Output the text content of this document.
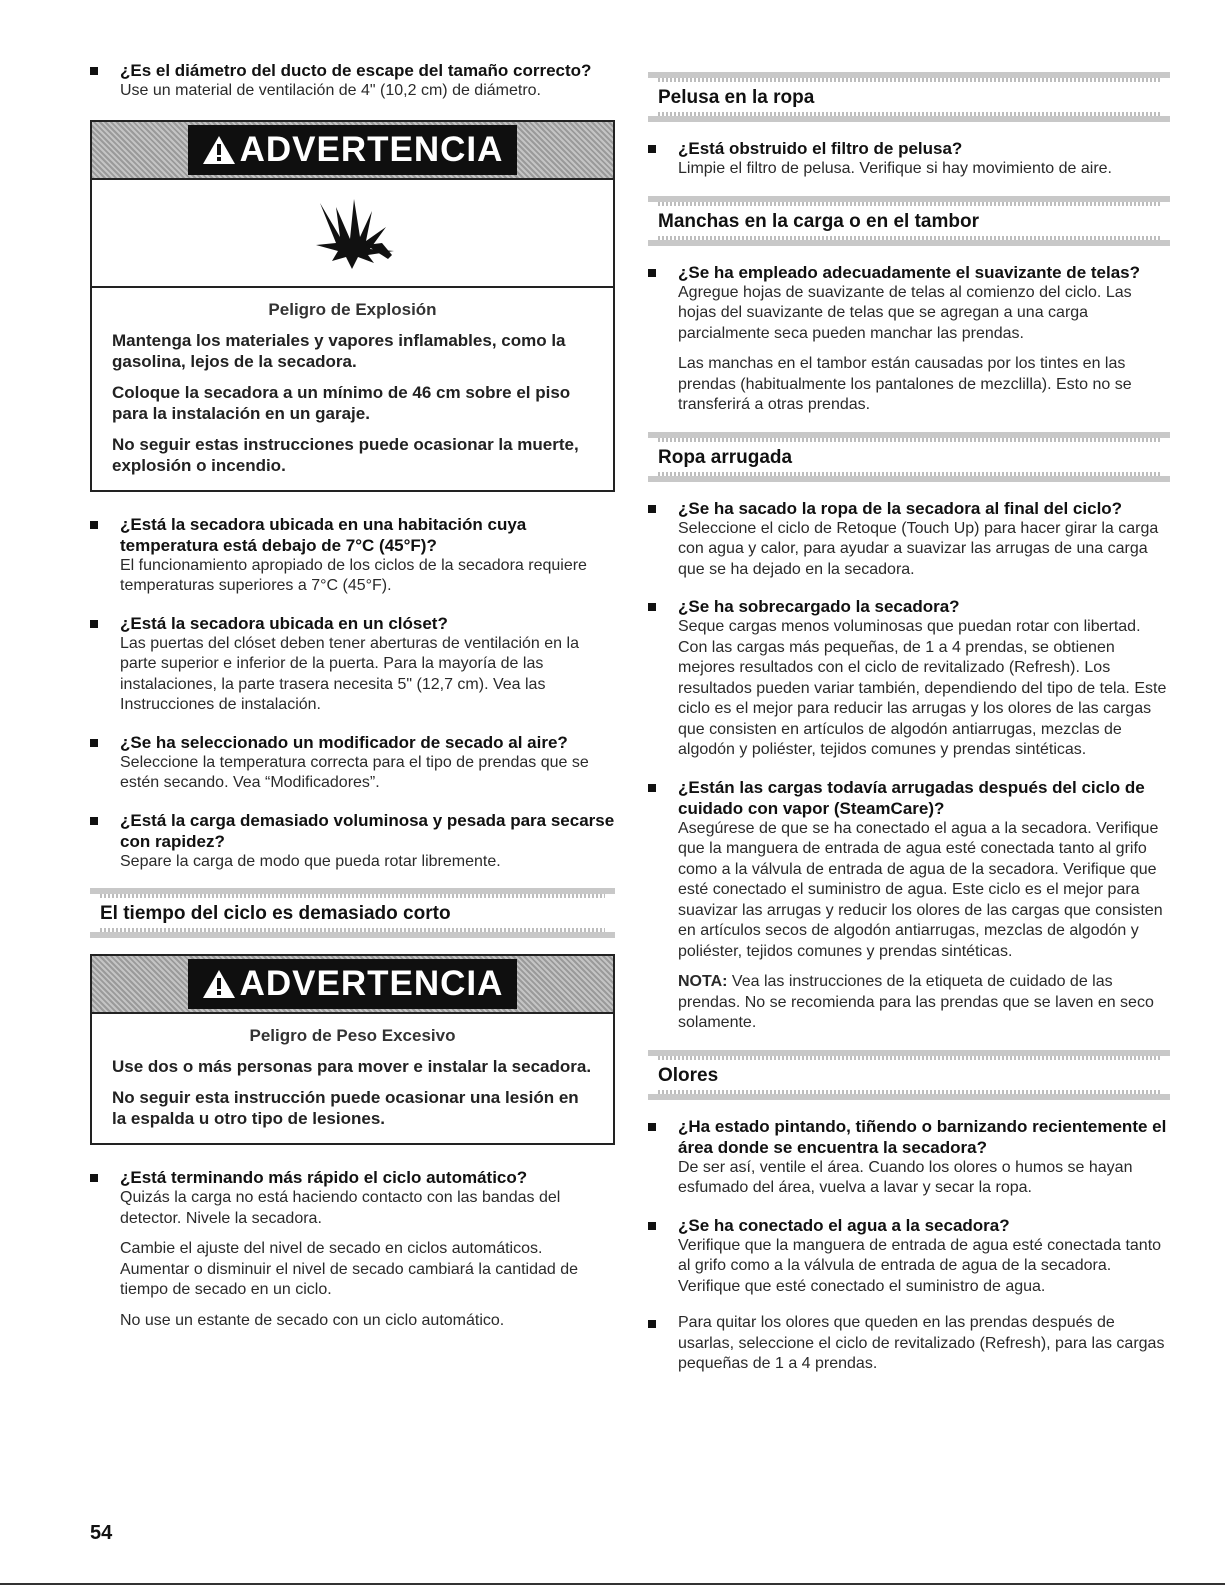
¿Es el diámetro del ducto de escape del tamaño correcto?
Use un material de ventilación de 4" (10,2 cm) de diámetro.
ADVERTENCIA
Peligro de Explosión
Mantenga los materiales y vapores inflamables, como la gasolina, lejos de la secadora.
Coloque la secadora a un mínimo de 46 cm sobre el piso para la instalación en un garaje.
No seguir estas instrucciones puede ocasionar la muerte, explosión o incendio.
¿Está la secadora ubicada en una habitación cuya temperatura está debajo de 7°C (45°F)?
El funcionamiento apropiado de los ciclos de la secadora requiere temperaturas superiores a 7°C (45°F).
¿Está la secadora ubicada en un clóset?
Las puertas del clóset deben tener aberturas de ventilación en la parte superior e inferior de la puerta. Para la mayoría de las instalaciones, la parte trasera necesita 5" (12,7 cm). Vea las Instrucciones de instalación.
¿Se ha seleccionado un modificador de secado al aire?
Seleccione la temperatura correcta para el tipo de prendas que se estén secando. Vea “Modificadores”.
¿Está la carga demasiado voluminosa y pesada para secarse con rapidez?
Separe la carga de modo que pueda rotar libremente.
El tiempo del ciclo es demasiado corto
ADVERTENCIA
Peligro de Peso Excesivo
Use dos o más personas para mover e instalar la secadora.
No seguir esta instrucción puede ocasionar una lesión en la espalda u otro tipo de lesiones.
¿Está terminando más rápido el ciclo automático?
Quizás la carga no está haciendo contacto con las bandas del detector. Nivele la secadora.
Cambie el ajuste del nivel de secado en ciclos automáticos. Aumentar o disminuir el nivel de secado cambiará la cantidad de tiempo de secado en un ciclo.
No use un estante de secado con un ciclo automático.
Pelusa en la ropa
¿Está obstruido el filtro de pelusa?
Limpie el filtro de pelusa. Verifique si hay movimiento de aire.
Manchas en la carga o en el tambor
¿Se ha empleado adecuadamente el suavizante de telas?
Agregue hojas de suavizante de telas al comienzo del ciclo. Las hojas del suavizante de telas que se agregan a una carga parcialmente seca pueden manchar las prendas.
Las manchas en el tambor están causadas por los tintes en las prendas (habitualmente los pantalones de mezclilla). Esto no se transferirá a otras prendas.
Ropa arrugada
¿Se ha sacado la ropa de la secadora al final del ciclo?
Seleccione el ciclo de Retoque (Touch Up) para hacer girar la carga con agua y calor, para ayudar a suavizar las arrugas de una carga que se ha dejado en la secadora.
¿Se ha sobrecargado la secadora?
Seque cargas menos voluminosas que puedan rotar con libertad. Con las cargas más pequeñas, de 1 a 4 prendas, se obtienen mejores resultados con el ciclo de revitalizado (Refresh). Los resultados pueden variar también, dependiendo del tipo de tela. Este ciclo es el mejor para reducir las arrugas y los olores de las cargas que consisten en artículos de algodón antiarrugas, mezclas de algodón y poliéster, tejidos comunes y prendas sintéticas.
¿Están las cargas todavía arrugadas después del ciclo de cuidado con vapor (SteamCare)?
Asegúrese de que se ha conectado el agua a la secadora. Verifique que la manguera de entrada de agua esté conectada tanto al grifo como a la válvula de entrada de agua de la secadora. Verifique que esté conectado el suministro de agua. Este ciclo es el mejor para suavizar las arrugas y reducir los olores de las cargas que consisten en artículos secos de algodón antiarrugas, mezclas de algodón y poliéster, tejidos comunes y prendas sintéticas.
NOTA: Vea las instrucciones de la etiqueta de cuidado de las prendas. No se recomienda para las prendas que se laven en seco solamente.
Olores
¿Ha estado pintando, tiñendo o barnizando recientemente el área donde se encuentra la secadora?
De ser así, ventile el área. Cuando los olores o humos se hayan esfumado del área, vuelva a lavar y secar la ropa.
¿Se ha conectado el agua a la secadora?
Verifique que la manguera de entrada de agua esté conectada tanto al grifo como a la válvula de entrada de agua de la secadora. Verifique que esté conectado el suministro de agua.
Para quitar los olores que queden en las prendas después de usarlas, seleccione el ciclo de revitalizado (Refresh), para las cargas pequeñas de 1 a 4 prendas.
54
